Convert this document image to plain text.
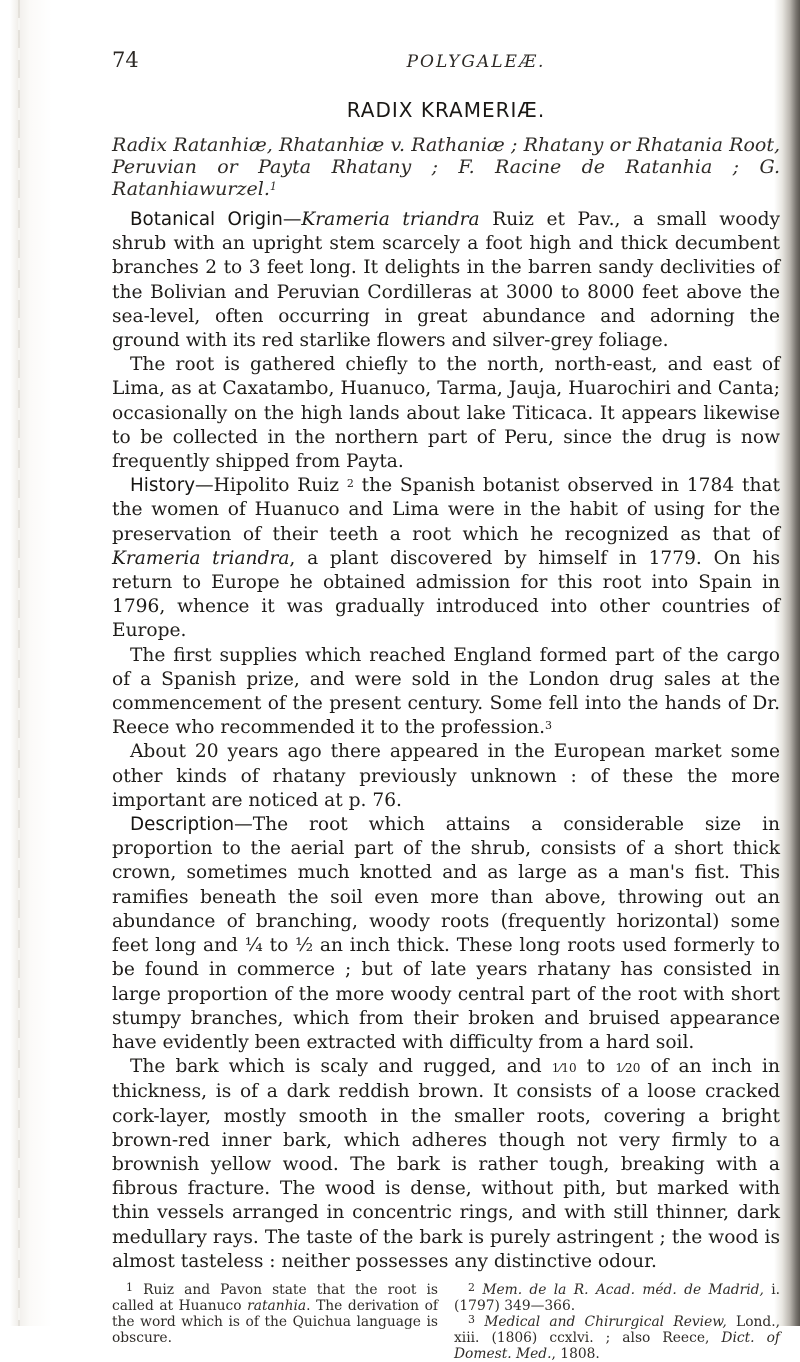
74	POLYGALEÆ.
RADIX KRAMERIÆ.
Radix Ratanhiæ, Rhatanhiæ v. Rathaniæ ; Rhatany or Rhatania Root, Peruvian or Payta Rhatany ; F. Racine de Ratanhia ; G. Ratanhiawurzel.$^1$

Botanical Origin—Krameria triandra Ruiz et Pav., a small woody shrub with an upright stem scarcely a foot high and thick decumbent branches 2 to 3 feet long. It delights in the barren sandy declivities of the Bolivian and Peruvian Cordilleras at 3000 to 8000 feet above the sea-level, often occurring in great abundance and adorning the ground with its red starlike flowers and silver-grey foliage.

The root is gathered chiefly to the north, north-east, and east of Lima, as at Caxatambo, Huanuco, Tarma, Jauja, Huarochiri and Canta; occasionally on the high lands about lake Titicaca. It appears likewise to be collected in the northern part of Peru, since the drug is now frequently shipped from Payta.

History—Hipolito Ruiz $^2$ the Spanish botanist observed in 1784 that the women of Huanuco and Lima were in the habit of using for the preservation of their teeth a root which he recognized as that of Krameria triandra, a plant discovered by himself in 1779. On his return to Europe he obtained admission for this root into Spain in 1796, whence it was gradually introduced into other countries of Europe.

The first supplies which reached England formed part of the cargo of a Spanish prize, and were sold in the London drug sales at the commencement of the present century. Some fell into the hands of Dr. Reece who recommended it to the profession.$^3$

About 20 years ago there appeared in the European market some other kinds of rhatany previously unknown : of these the more important are noticed at p. 76.

Description—The root which attains a considerable size in proportion to the aerial part of the shrub, consists of a short thick crown, sometimes much knotted and as large as a man's fist. This ramifies beneath the soil even more than above, throwing out an abundance of branching, woody roots (frequently horizontal) some feet long and ¼ to ½ an inch thick. These long roots used formerly to be found in commerce ; but of late years rhatany has consisted in large proportion of the more woody central part of the root with short stumpy branches, which from their broken and bruised appearance have evidently been extracted with difficulty from a hard soil.

The bark which is scaly and rugged, and 1⁄10 to 1⁄20 of an inch in thickness, is of a dark reddish brown. It consists of a loose cracked cork-layer, mostly smooth in the smaller roots, covering a bright brown-red inner bark, which adheres though not very firmly to a brownish yellow wood. The bark is rather tough, breaking with a fibrous fracture. The wood is dense, without pith, but marked with thin vessels arranged in concentric rings, and with still thinner, dark medullary rays. The taste of the bark is purely astringent ; the wood is almost tasteless : neither possesses any distinctive odour.

$^1$ Ruiz and Pavon state that the root is called at Huanuco ratanhia. The derivation of the word which is of the Quichua language is obscure.

$^2$ Mem. de la R. Acad. méd. de Madrid, i. (1797) 349—366.

$^3$ Medical and Chirurgical Review, Lond., xiii. (1806) ccxlvi. ; also Reece, Dict. of Domest. Med., 1808.
